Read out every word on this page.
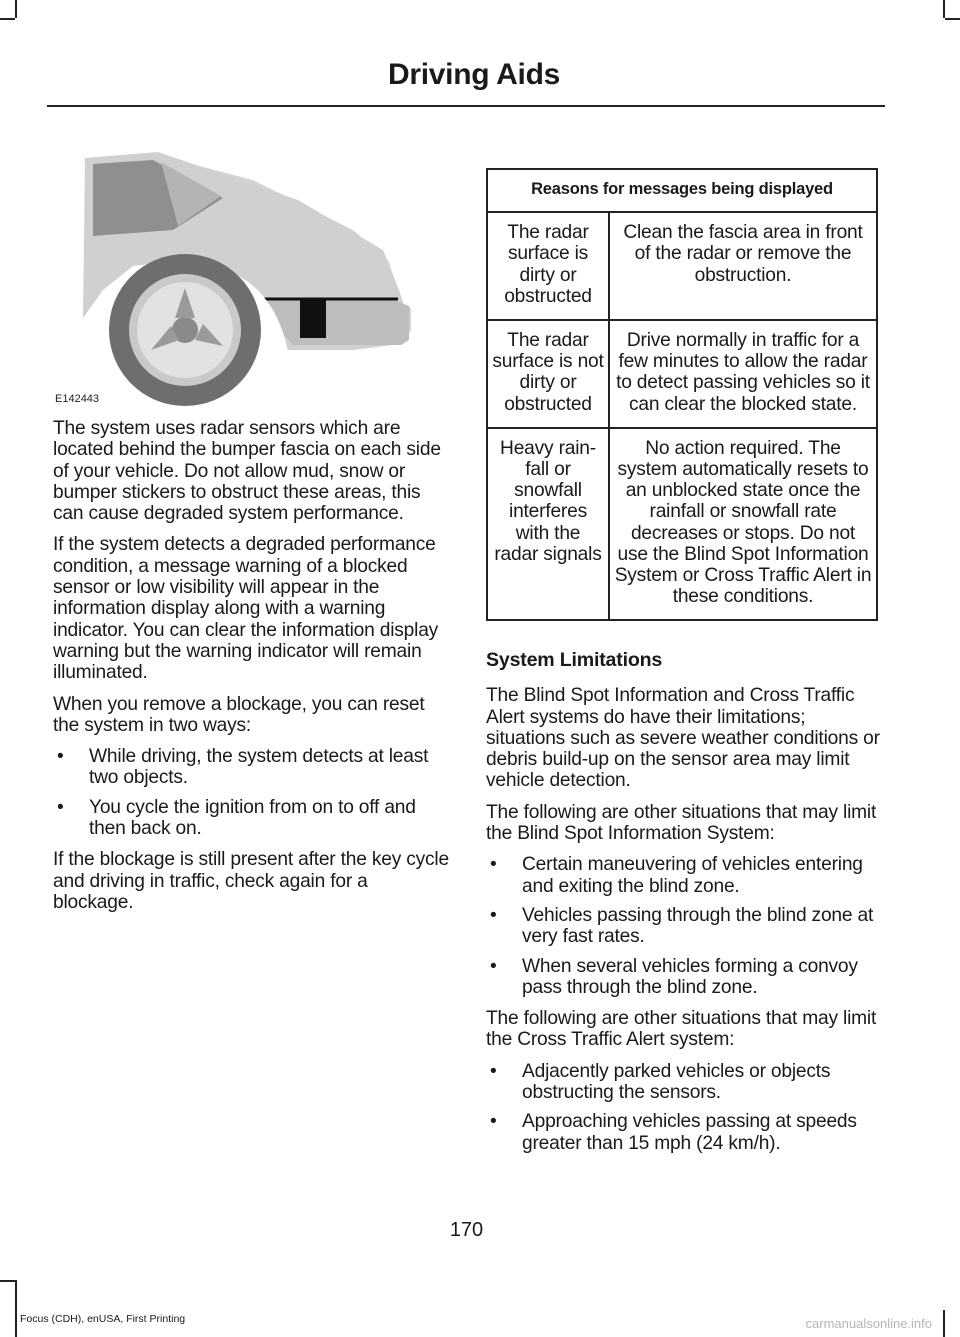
Driving Aids
E142443

The system uses radar sensors which are located behind the bumper fascia on each side of your vehicle. Do not allow mud, snow or bumper stickers to obstruct these areas, this can cause degraded system performance.

If the system detects a degraded performance condition, a message warning of a blocked sensor or low visibility will appear in the information display along with a warning indicator. You can clear the information display warning but the warning indicator will remain illuminated.

When you remove a blockage, you can reset the system in two ways:

• While driving, the system detects at least two objects.
• You cycle the ignition from on to off and then back on.

If the blockage is still present after the key cycle and driving in traffic, check again for a blockage.

Reasons for messages being displayed	
The radar surface is dirty or obstructed	Clean the fascia area in front of the radar or remove the obstruction.
The radar surface is not dirty or obstructed	Drive normally in traffic for a few minutes to allow the radar to detect passing vehicles so it can clear the blocked state.
Heavy rain-fall or snowfall interferes with the radar signals	No action required. The system automatically resets to an unblocked state once the rainfall or snowfall rate decreases or stops. Do not use the Blind Spot Information System or Cross Traffic Alert in these conditions.
System Limitations

The Blind Spot Information and Cross Traffic Alert systems do have their limitations; situations such as severe weather conditions or debris build-up on the sensor area may limit vehicle detection.

The following are other situations that may limit the Blind Spot Information System:

• Certain maneuvering of vehicles entering and exiting the blind zone.
• Vehicles passing through the blind zone at very fast rates.
• When several vehicles forming a convoy pass through the blind zone.

The following are other situations that may limit the Cross Traffic Alert system:

• Adjacently parked vehicles or objects obstructing the sensors.
• Approaching vehicles passing at speeds greater than 15 mph (24 km/h).
170
Focus (CDH), enUSA, First Printing	carmanualsonline.info
